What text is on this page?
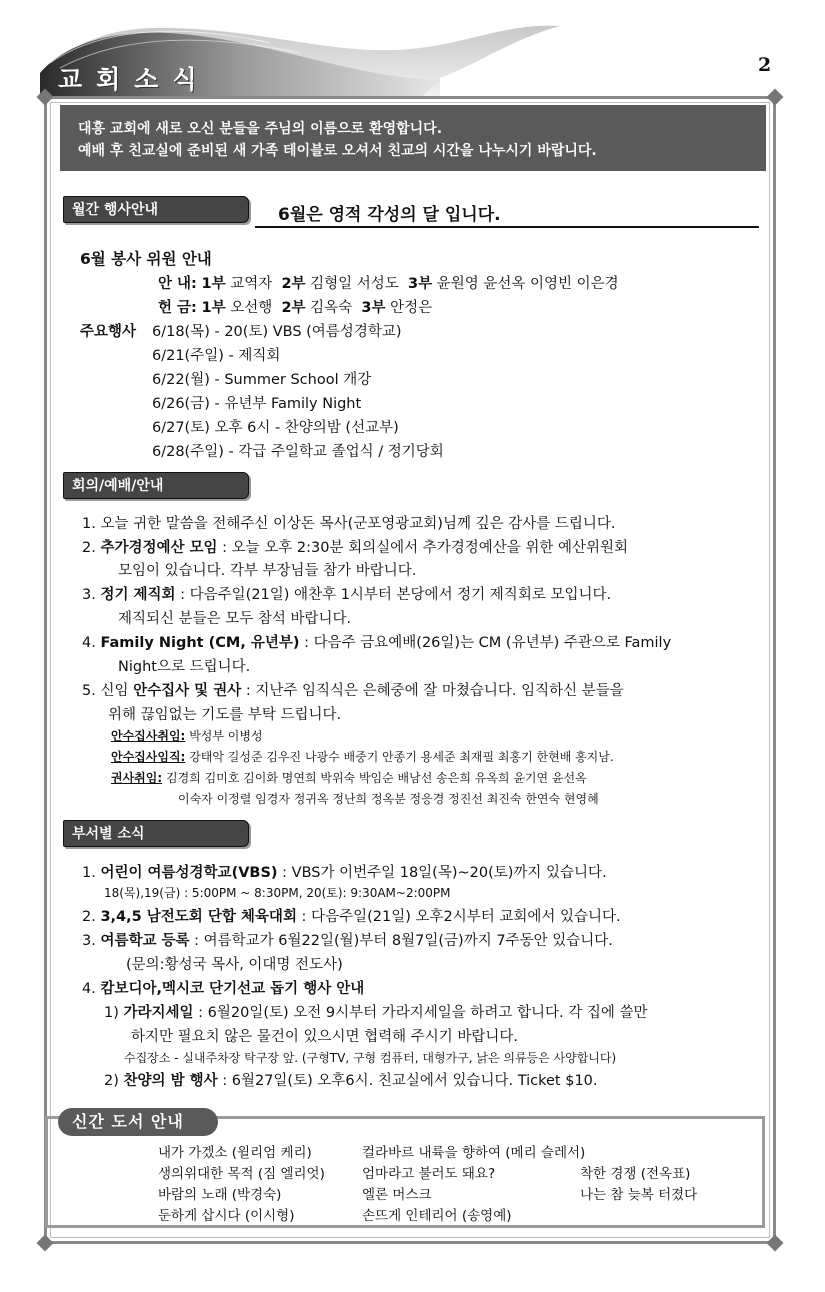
교회소식	2
대흥 교회에 새로 오신 분들을 주님의 이름으로 환영합니다.
예배 후 친교실에 준비된 새 가족 테이블로 오셔서 친교의 시간을 나누시기 바랍니다.
월간 행사안내	6월은 영적 각성의 달 입니다.
6월 봉사 위원 안내
안 내: 1부 교역자 2부 김형일 서성도 3부 윤원영 윤선옥 이영빈 이은경
헌 금: 1부 오선행 2부 김옥숙 3부 안정은
주요행사 6/18(목) - 20(토) VBS (여름성경학교)
6/21(주일) - 제직회
6/22(월) - Summer School 개강
6/26(금) - 유년부 Family Night
6/27(토) 오후 6시 - 찬양의밤 (선교부)
6/28(주일) - 각급 주일학교 졸업식 / 정기당회
회의/예배/안내
1. 오늘 귀한 말씀을 전해주신 이상돈 목사(군포영광교회)님께 깊은 감사를 드립니다.
2. 추가경정예산 모임 : 오늘 오후 2:30분 회의실에서 추가경정예산을 위한 예산위원회
모임이 있습니다. 각부 부장님들 참가 바랍니다.
3. 정기 제직회 : 다음주일(21일) 애찬후 1시부터 본당에서 정기 제직회로 모입니다.
제직되신 분들은 모두 참석 바랍니다.
4. Family Night (CM, 유년부) : 다음주 금요예배(26일)는 CM (유년부) 주관으로 Family
Night으로 드립니다.
5. 신임 안수집사 및 권사 : 지난주 임직식은 은혜중에 잘 마쳤습니다. 임직하신 분들을
위해 끊임없는 기도를 부탁 드립니다.
안수집사취임: 박성부 이병성
안수집사임직: 강태악 길성준 김우진 나광수 배중기 안종기 용세준 최재필 최홍기 한현배 홍지남.
권사취임: 김경희 김미호 김이화 명연희 박위숙 박임순 배남선 송은희 유옥희 윤기연 윤선옥
이숙자 이정렬 임경자 정귀옥 정난희 정옥분 정응경 정진선 최진숙 한연숙 현영혜
부서별 소식
1. 어린이 여름성경학교(VBS) : VBS가 이번주일 18일(목)~20(토)까지 있습니다.
18(목),19(금) : 5:00PM ~ 8:30PM, 20(토): 9:30AM~2:00PM
2. 3,4,5 남전도회 단합 체육대회 : 다음주일(21일) 오후2시부터 교회에서 있습니다.
3. 여름학교 등록 : 여름학교가 6월22일(월)부터 8월7일(금)까지 7주동안 있습니다.
(문의:황성국 목사, 이대명 전도사)
4. 캄보디아,멕시코 단기선교 돕기 행사 안내
1) 가라지세일 : 6월20일(토) 오전 9시부터 가라지세일을 하려고 합니다. 각 집에 쓸만
하지만 필요치 않은 물건이 있으시면 협력해 주시기 바랍니다.
수집장소 - 실내주차장 탁구장 앞. (구형TV, 구형 컴퓨터, 대형가구, 낡은 의류등은 사양합니다)
2) 찬양의 밤 행사 : 6월27일(토) 오후6시. 친교실에서 있습니다. Ticket $10.
신간 도서 안내
내가 가겠소 (윌리엄 케리)
생의위대한 목적 (짐 엘리엇)
바람의 노래 (박경숙)
둔하게 삽시다 (이시형)
컬라바르 내륙을 향하여 (메리 슬레서)
엄마라고 불러도 돼요?
엘론 머스크
손뜨게 인테리어 (송영예)
착한 경쟁 (전옥표)
나는 참 늦복 터졌다
